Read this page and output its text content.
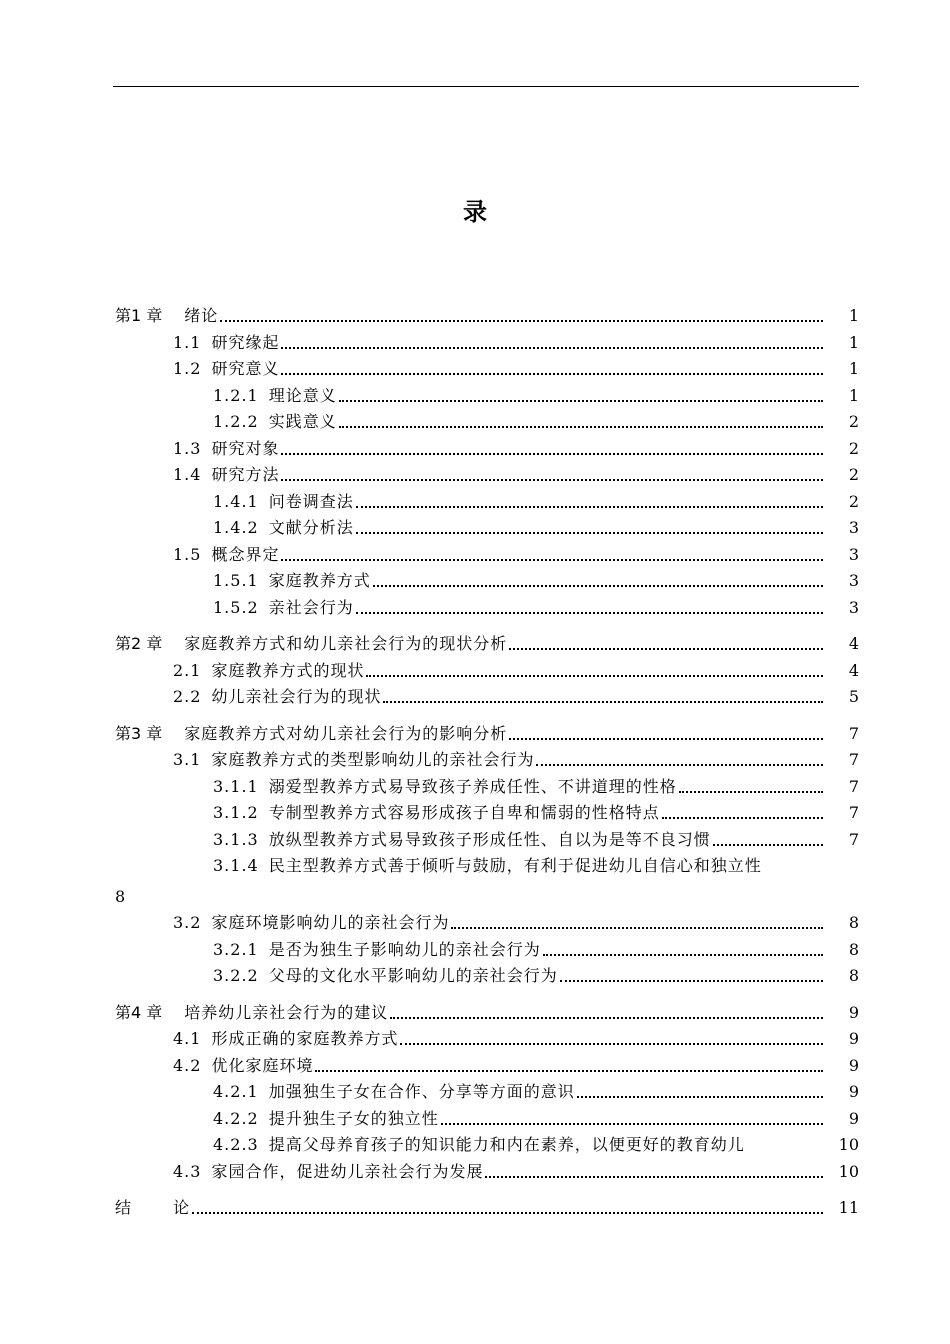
录
第1 章 绪论	1
1.1 研究缘起	1
1.2 研究意义	1
1.2.1 理论意义	1
1.2.2 实践意义	2
1.3 研究对象	2
1.4 研究方法	2
1.4.1 问卷调查法	2
1.4.2 文献分析法	3
1.5 概念界定	3
1.5.1 家庭教养方式	3
1.5.2 亲社会行为	3
第2 章 家庭教养方式和幼儿亲社会行为的现状分析	4
2.1 家庭教养方式的现状	4
2.2 幼儿亲社会行为的现状	5
第3 章 家庭教养方式对幼儿亲社会行为的影响分析	7
3.1 家庭教养方式的类型影响幼儿的亲社会行为	7
3.1.1 溺爱型教养方式易导致孩子养成任性、不讲道理的性格	7
3.1.2 专制型教养方式容易形成孩子自卑和懦弱的性格特点	7
3.1.3 放纵型教养方式易导致孩子形成任性、自以为是等不良习惯	7
3.1.4 民主型教养方式善于倾听与鼓励，有利于促进幼儿自信心和独立性
8
3.2 家庭环境影响幼儿的亲社会行为	8
3.2.1 是否为独生子影响幼儿的亲社会行为	8
3.2.2 父母的文化水平影响幼儿的亲社会行为	8
第4 章 培养幼儿亲社会行为的建议	9
4.1 形成正确的家庭教养方式	9
4.2 优化家庭环境	9
4.2.1 加强独生子女在合作、分享等方面的意识	9
4.2.2 提升独生子女的独立性	9
4.2.3 提高父母养育孩子的知识能力和内在素养，以便更好的教育幼儿	10
4.3 家园合作，促进幼儿亲社会行为发展	10
结	论	11
